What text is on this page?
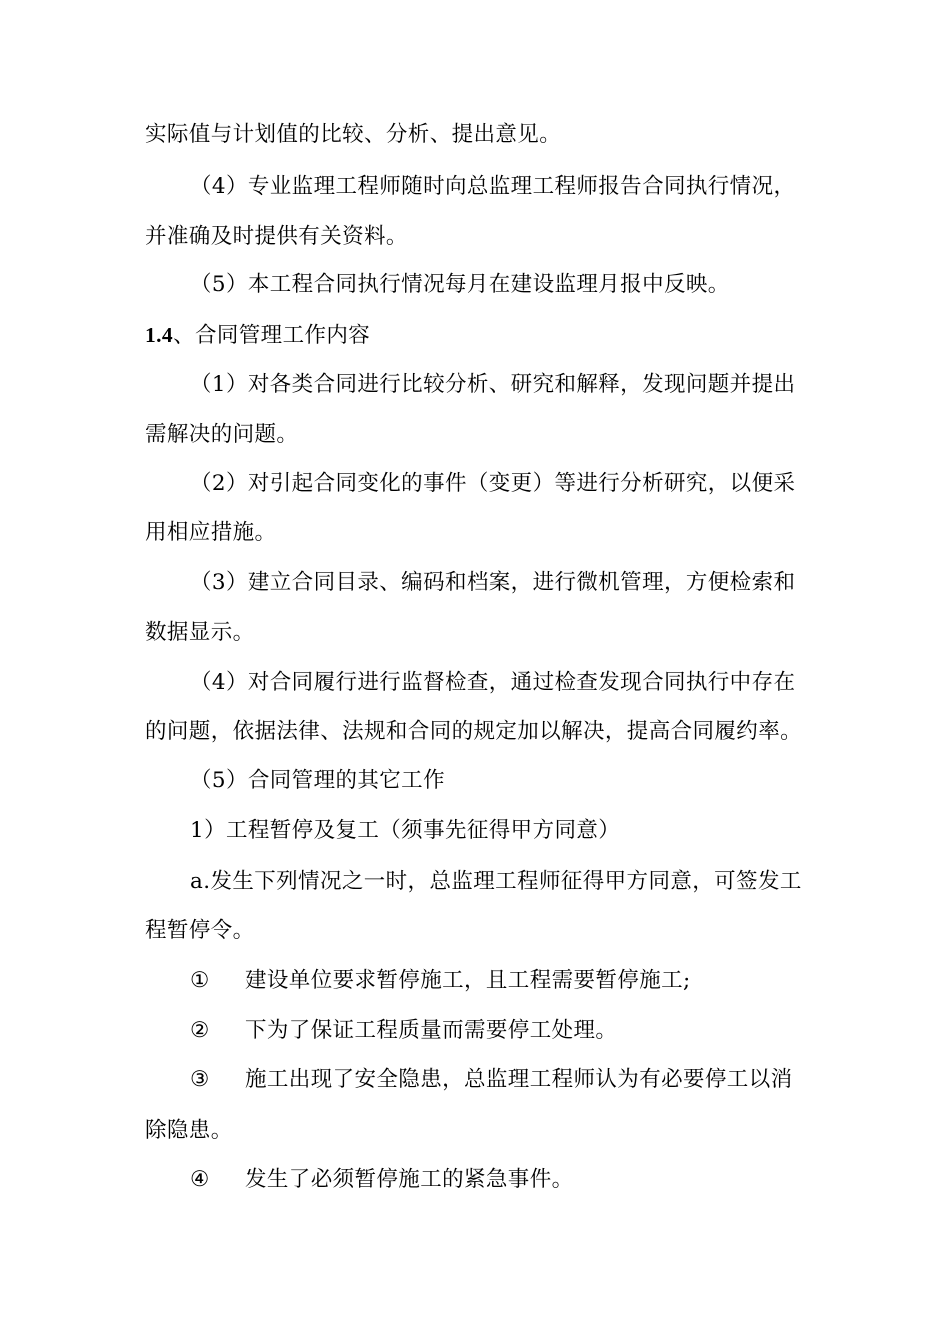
实际值与计划值的比较、分析、提出意见。
（4）专业监理工程师随时向总监理工程师报告合同执行情况，
并准确及时提供有关资料。
（5）本工程合同执行情况每月在建设监理月报中反映。
1.4、合同管理工作内容
（1）对各类合同进行比较分析、研究和解释，发现问题并提出
需解决的问题。
（2）对引起合同变化的事件（变更）等进行分析研究，以便采
用相应措施。
（3）建立合同目录、编码和档案，进行微机管理，方便检索和
数据显示。
（4）对合同履行进行监督检查，通过检查发现合同执行中存在
的问题，依据法律、法规和合同的规定加以解决，提高合同履约率。
（5）合同管理的其它工作
1）工程暂停及复工（须事先征得甲方同意）
a.发生下列情况之一时，总监理工程师征得甲方同意，可签发工
程暂停令。
① 建设单位要求暂停施工，且工程需要暂停施工;
② 下为了保证工程质量而需要停工处理。
③ 施工出现了安全隐患，总监理工程师认为有必要停工以消
除隐患。
④ 发生了必须暂停施工的紧急事件。
